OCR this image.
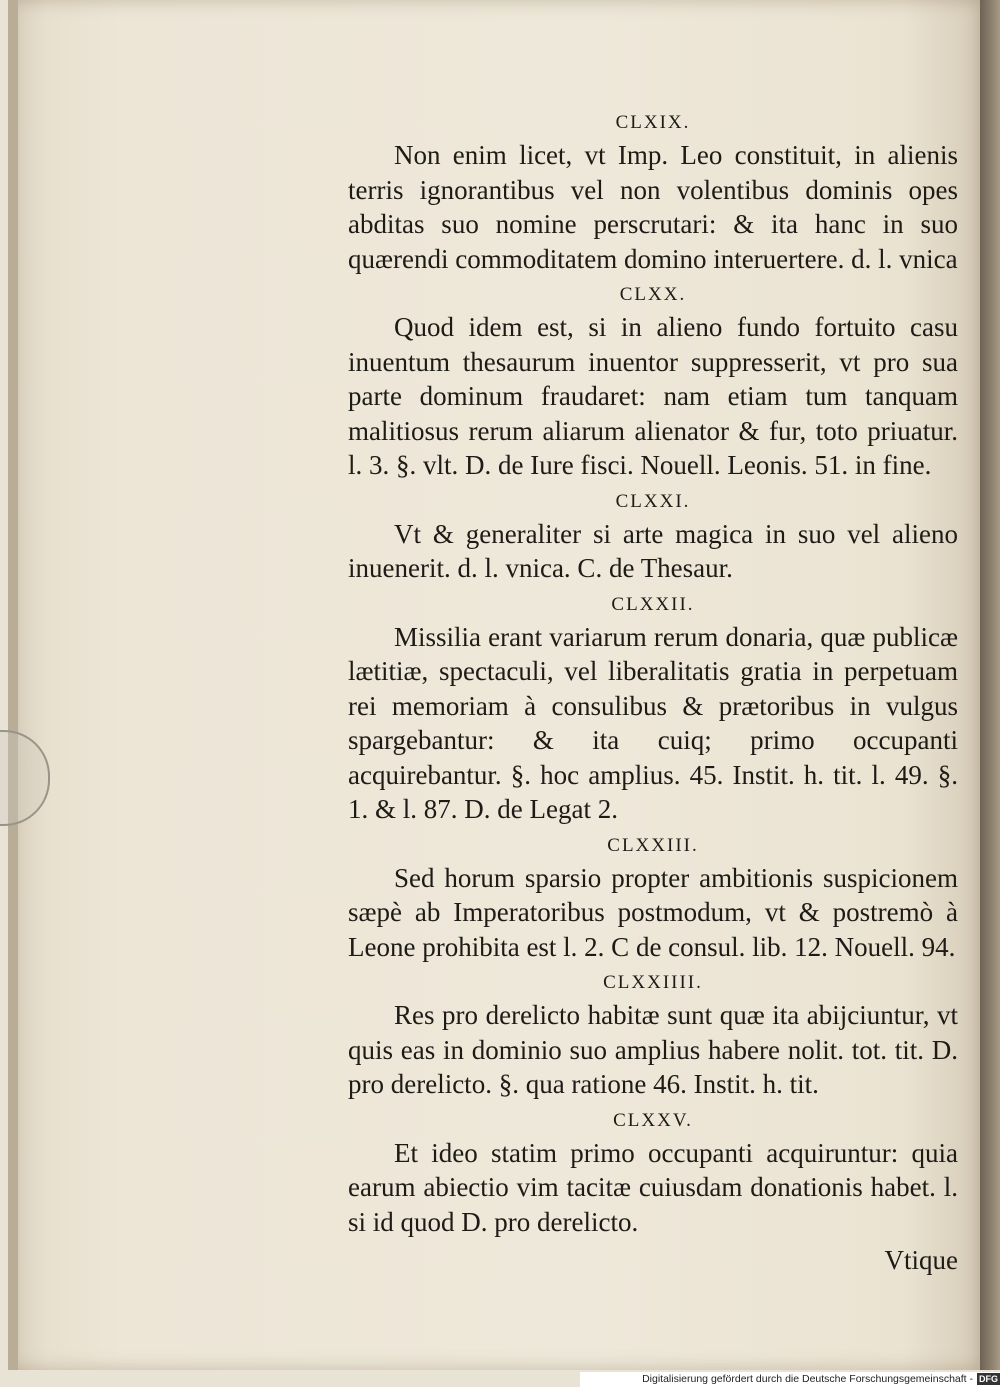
CLXIX.

Non enim licet, vt Imp. Leo constituit, in alienis terris ignorantibus vel non volentibus dominis opes abditas suo nomine perscrutari: & ita hanc in suo quærendi commoditatem domino interuertere. d. l. vnica

CLXX.

Quod idem est, si in alieno fundo fortuito casu inuentum thesaurum inuentor suppresserit, vt pro sua parte dominum fraudaret: nam etiam tum tanquam malitiosus rerum aliarum alienator & fur, toto priuatur. l. 3. §. vlt. D. de Iure fisci. Nouell. Leonis. 51. in fine.

CLXXI.

Vt & generaliter si arte magica in suo vel alieno inuenerit. d. l. vnica. C. de Thesaur.

CLXXII.

Missilia erant variarum rerum donaria, quæ publicæ lætitiæ, spectaculi, vel liberalitatis gratia in perpetuam rei memoriam à consulibus & prætoribus in vulgus spargebantur: & ita cuiq; primo occupanti acquirebantur. §. hoc amplius. 45. Instit. h. tit. l. 49. §. 1. & l. 87. D. de Legat 2.

CLXXIII.

Sed horum sparsio propter ambitionis suspicionem sæpè ab Imperatoribus postmodum, vt & postremò à Leone prohibita est l. 2. C de consul. lib. 12. Nouell. 94.

CLXXIIII.

Res pro derelicto habitæ sunt quæ ita abijciuntur, vt quis eas in dominio suo amplius habere nolit. tot. tit. D. pro derelicto. §. qua ratione 46. Instit. h. tit.

CLXXV.

Et ideo statim primo occupanti acquiruntur: quia earum abiectio vim tacitæ cuiusdam donationis habet. l. si id quod D. pro derelicto.

Vtique

Digitalisierung gefördert durch die Deutsche Forschungsgemeinschaft - DFG
